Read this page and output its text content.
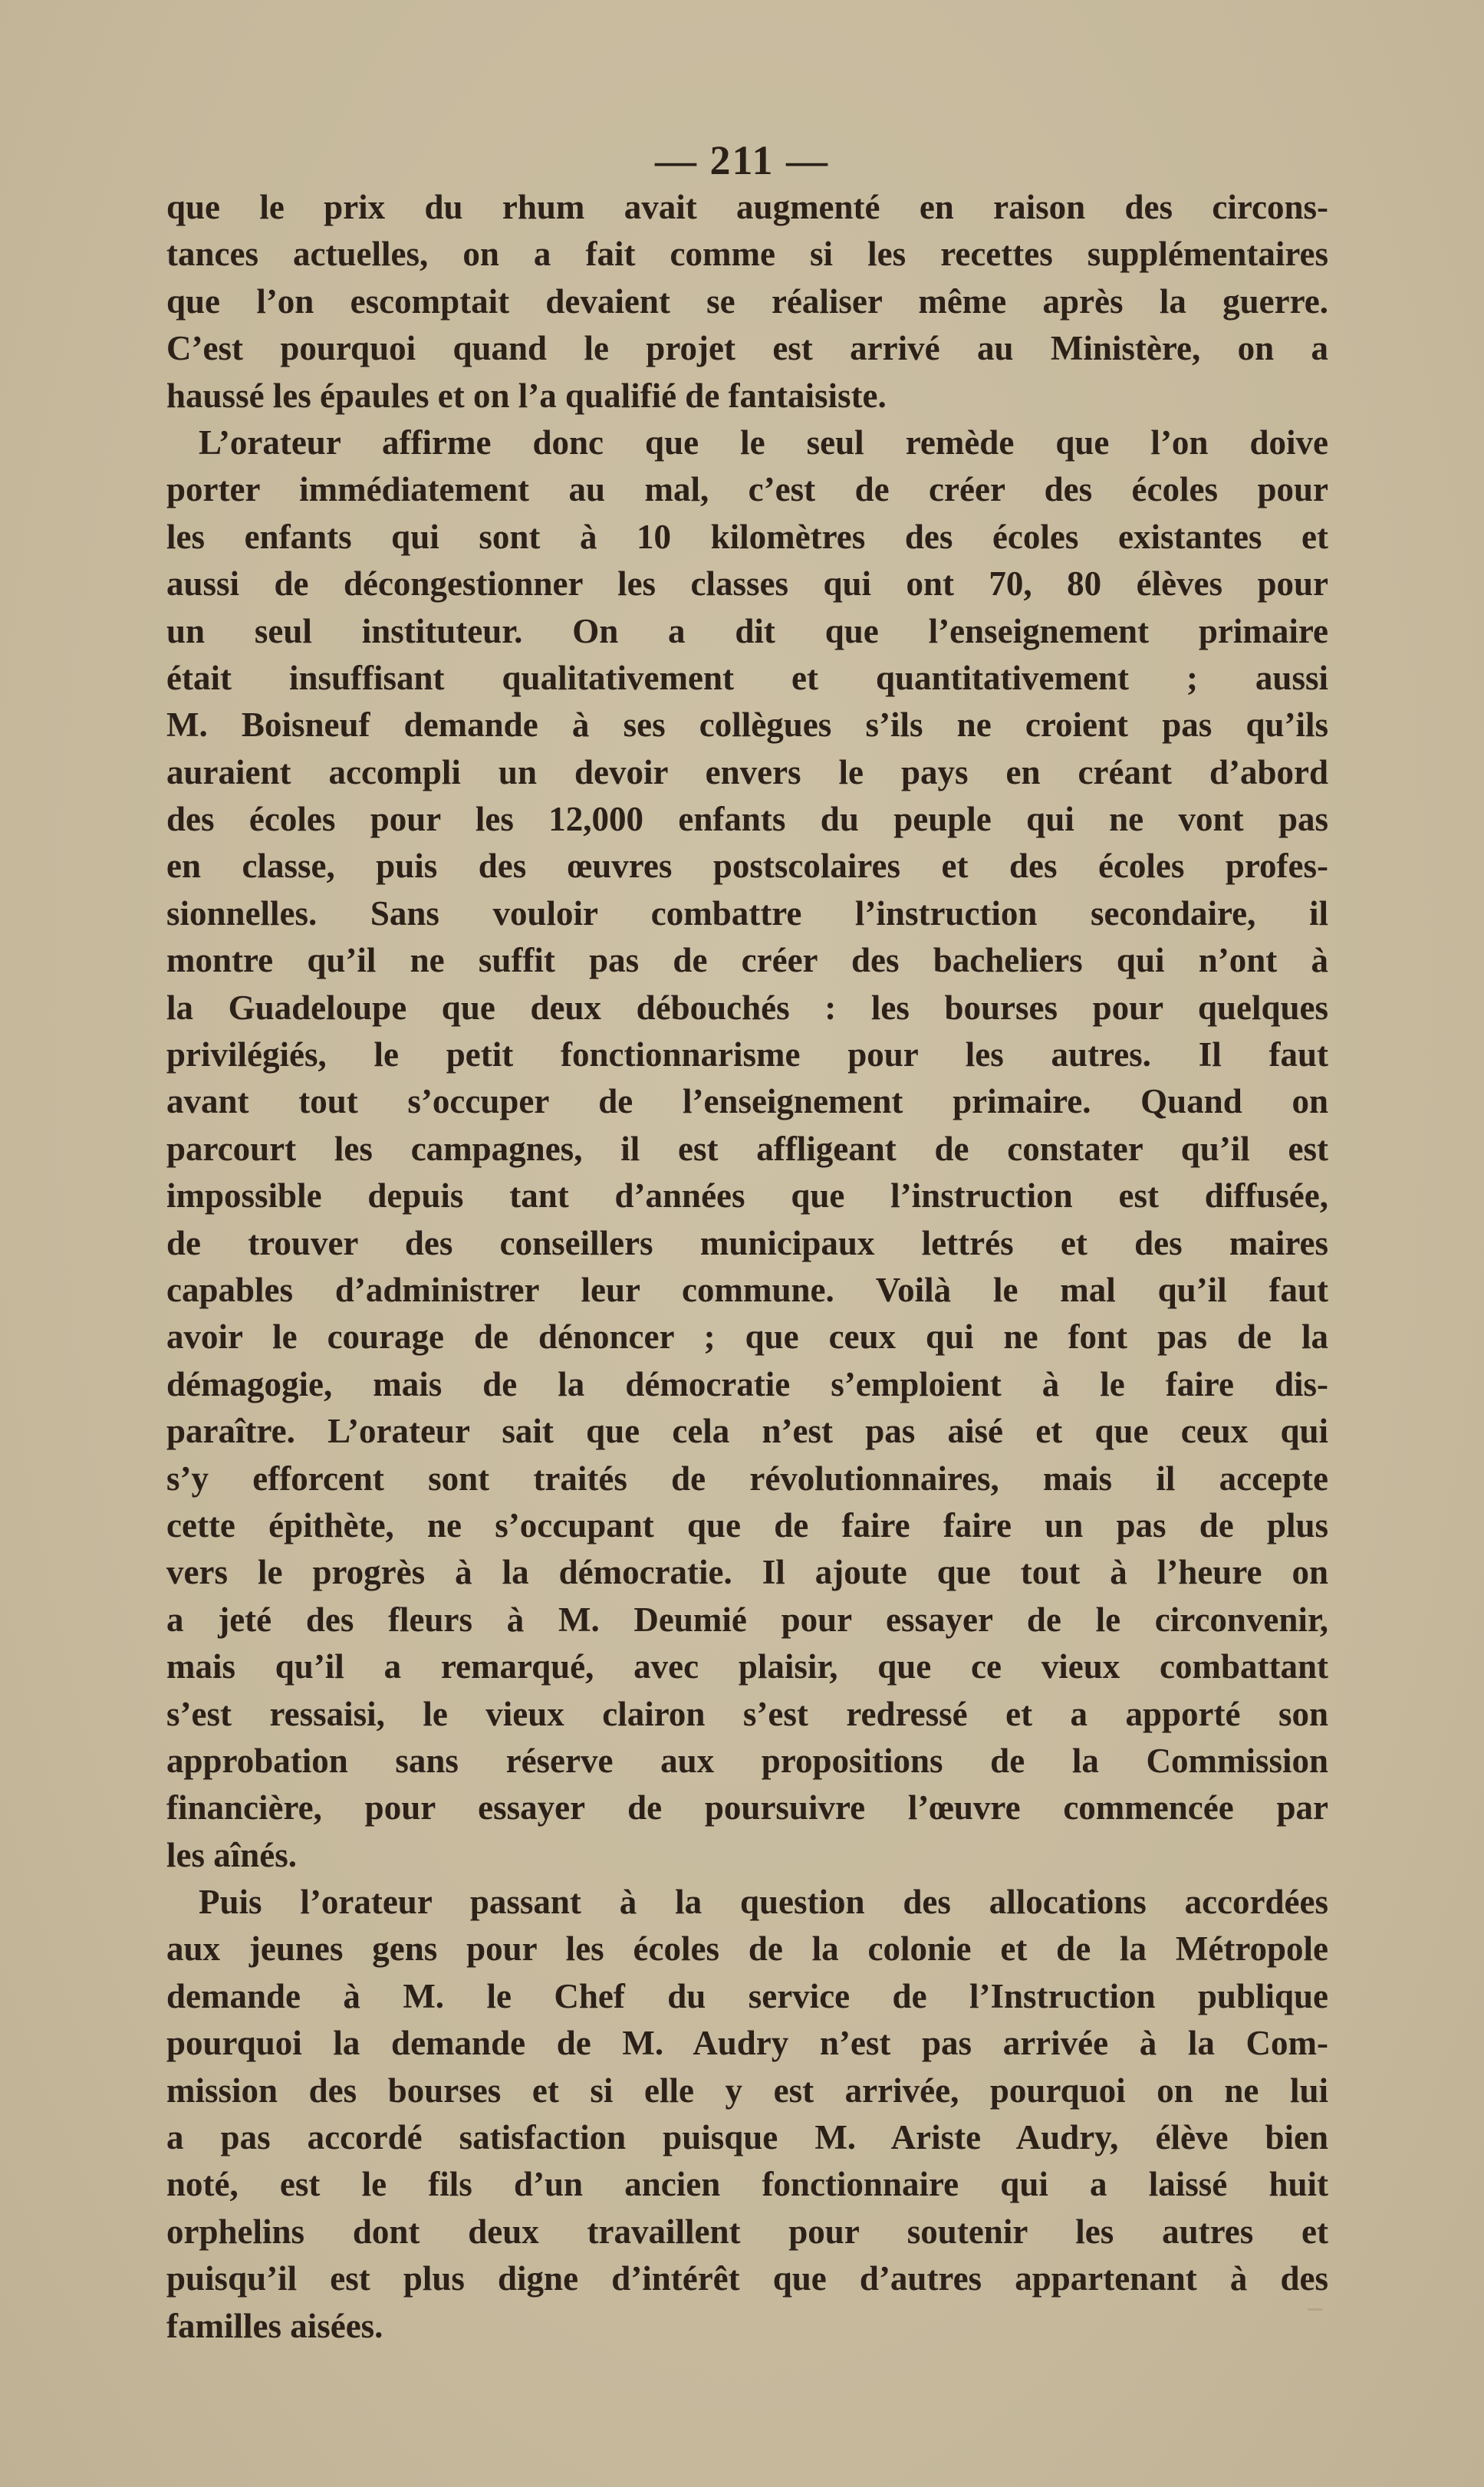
— 211 —
que le prix du rhum avait augmenté en raison des circons-
tances actuelles, on a fait comme si les recettes supplémentaires
que l’on escomptait devaient se réaliser même après la guerre.
C’est pourquoi quand le projet est arrivé au Ministère, on a
haussé les épaules et on l’a qualifié de fantaisiste.
L’orateur affirme donc que le seul remède que l’on doive
porter immédiatement au mal, c’est de créer des écoles pour
les enfants qui sont à 10 kilomètres des écoles existantes et
aussi de décongestionner les classes qui ont 70, 80 élèves pour
un seul instituteur. On a dit que l’enseignement primaire
était insuffisant qualitativement et quantitativement ; aussi
M. Boisneuf demande à ses collègues s’ils ne croient pas qu’ils
auraient accompli un devoir envers le pays en créant d’abord
des écoles pour les 12,000 enfants du peuple qui ne vont pas
en classe, puis des œuvres postscolaires et des écoles profes-
sionnelles. Sans vouloir combattre l’instruction secondaire, il
montre qu’il ne suffit pas de créer des bacheliers qui n’ont à
la Guadeloupe que deux débouchés : les bourses pour quelques
privilégiés, le petit fonctionnarisme pour les autres. Il faut
avant tout s’occuper de l’enseignement primaire. Quand on
parcourt les campagnes, il est affligeant de constater qu’il est
impossible depuis tant d’années que l’instruction est diffusée,
de trouver des conseillers municipaux lettrés et des maires
capables d’administrer leur commune. Voilà le mal qu’il faut
avoir le courage de dénoncer ; que ceux qui ne font pas de la
démagogie, mais de la démocratie s’emploient à le faire dis-
paraître. L’orateur sait que cela n’est pas aisé et que ceux qui
s’y efforcent sont traités de révolutionnaires, mais il accepte
cette épithète, ne s’occupant que de faire faire un pas de plus
vers le progrès à la démocratie. Il ajoute que tout à l’heure on
a jeté des fleurs à M. Deumié pour essayer de le circonvenir,
mais qu’il a remarqué, avec plaisir, que ce vieux combattant
s’est ressaisi, le vieux clairon s’est redressé et a apporté son
approbation sans réserve aux propositions de la Commission
financière, pour essayer de poursuivre l’œuvre commencée par
les aînés.
Puis l’orateur passant à la question des allocations accordées
aux jeunes gens pour les écoles de la colonie et de la Métropole
demande à M. le Chef du service de l’Instruction publique
pourquoi la demande de M. Audry n’est pas arrivée à la Com-
mission des bourses et si elle y est arrivée, pourquoi on ne lui
a pas accordé satisfaction puisque M. Ariste Audry, élève bien
noté, est le fils d’un ancien fonctionnaire qui a laissé huit
orphelins dont deux travaillent pour soutenir les autres et
puisqu’il est plus digne d’intérêt que d’autres appartenant à des
familles aisées.
